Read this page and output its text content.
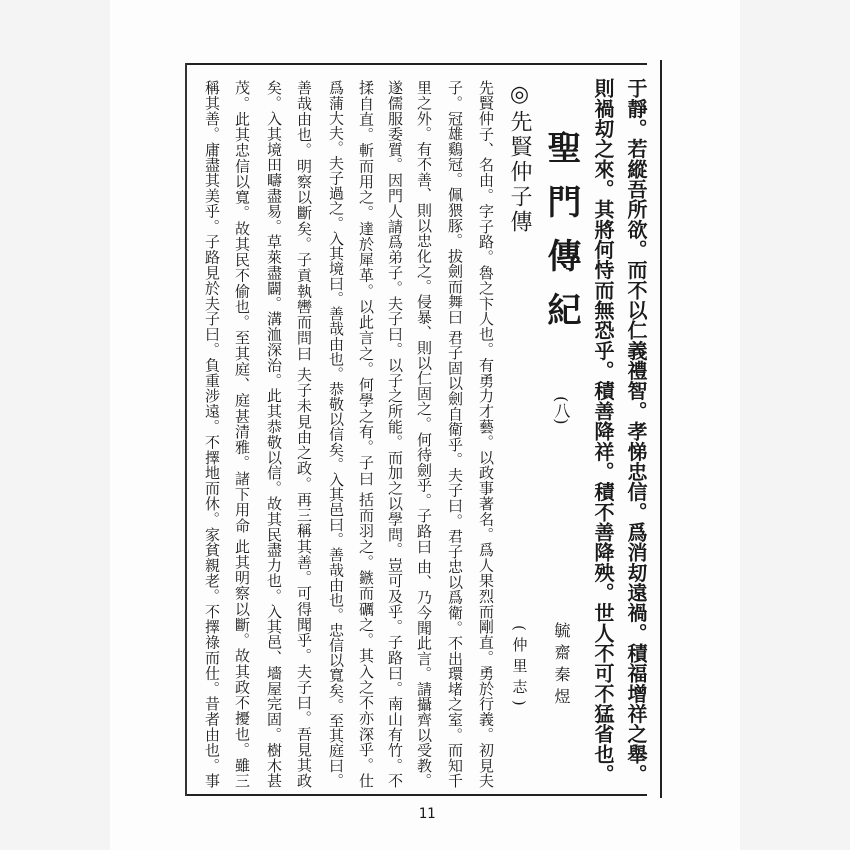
于靜。若縱吾所欲。而不以仁義禮智。孝悌忠信。爲消刧遠禍。積福增祥之舉。
則禍刧之來。其將何恃而無恐乎。積善降祥。積不善降殃。世人不可不猛省也。
聖門傳紀
(八)
毓齋秦煜
◎先賢仲子傳
(仲里志)
先賢仲子、名由。字子路。魯之卞人也。有勇力才藝。以政事著名。爲人果烈而剛直。勇於行義。初見夫
子。冠雄鷄冠。佩猥豚。拔劍而舞曰 君子固以劍自衛乎。夫子曰。君子忠以爲衛。不出環堵之室。而知千
里之外。有不善、則以忠化之。侵暴、則以仁固之。何待劍乎。子路曰 由、乃今聞此言。請攝齊以受教。
遂儒服委質。因門人請爲弟子。夫子曰。以子之所能。而加之以學問。豈可及乎。子路曰。南山有竹。不
揉自直。斬而用之。達於犀革。以此言之。何學之有。子曰 括而羽之。鏃而礪之。其入之不亦深乎。仕
爲蒲大夫。夫子過之。入其境曰。善哉由也。恭敬以信矣。入其邑曰。善哉由也。忠信以寬矣。至其庭曰。
善哉由也。明察以斷矣。子貢執轡而問曰 夫子未見由之政。再三稱其善。可得聞乎。夫子曰。吾見其政
矣。入其境田疇盡易。草萊盡闢。溝洫深治。此其恭敬以信。故其民盡力也。入其邑、墻屋完固。樹木甚
茂。此其忠信以寬。故其民不偷也。至其庭、庭甚清雅。諸下用命 此其明察以斷。故其政不擾也。雖三
稱其善。庸盡其美乎。子路見於夫子曰。負重涉遠。不擇地而休。家貧親老。不擇祿而仕。昔者由也。事
11
